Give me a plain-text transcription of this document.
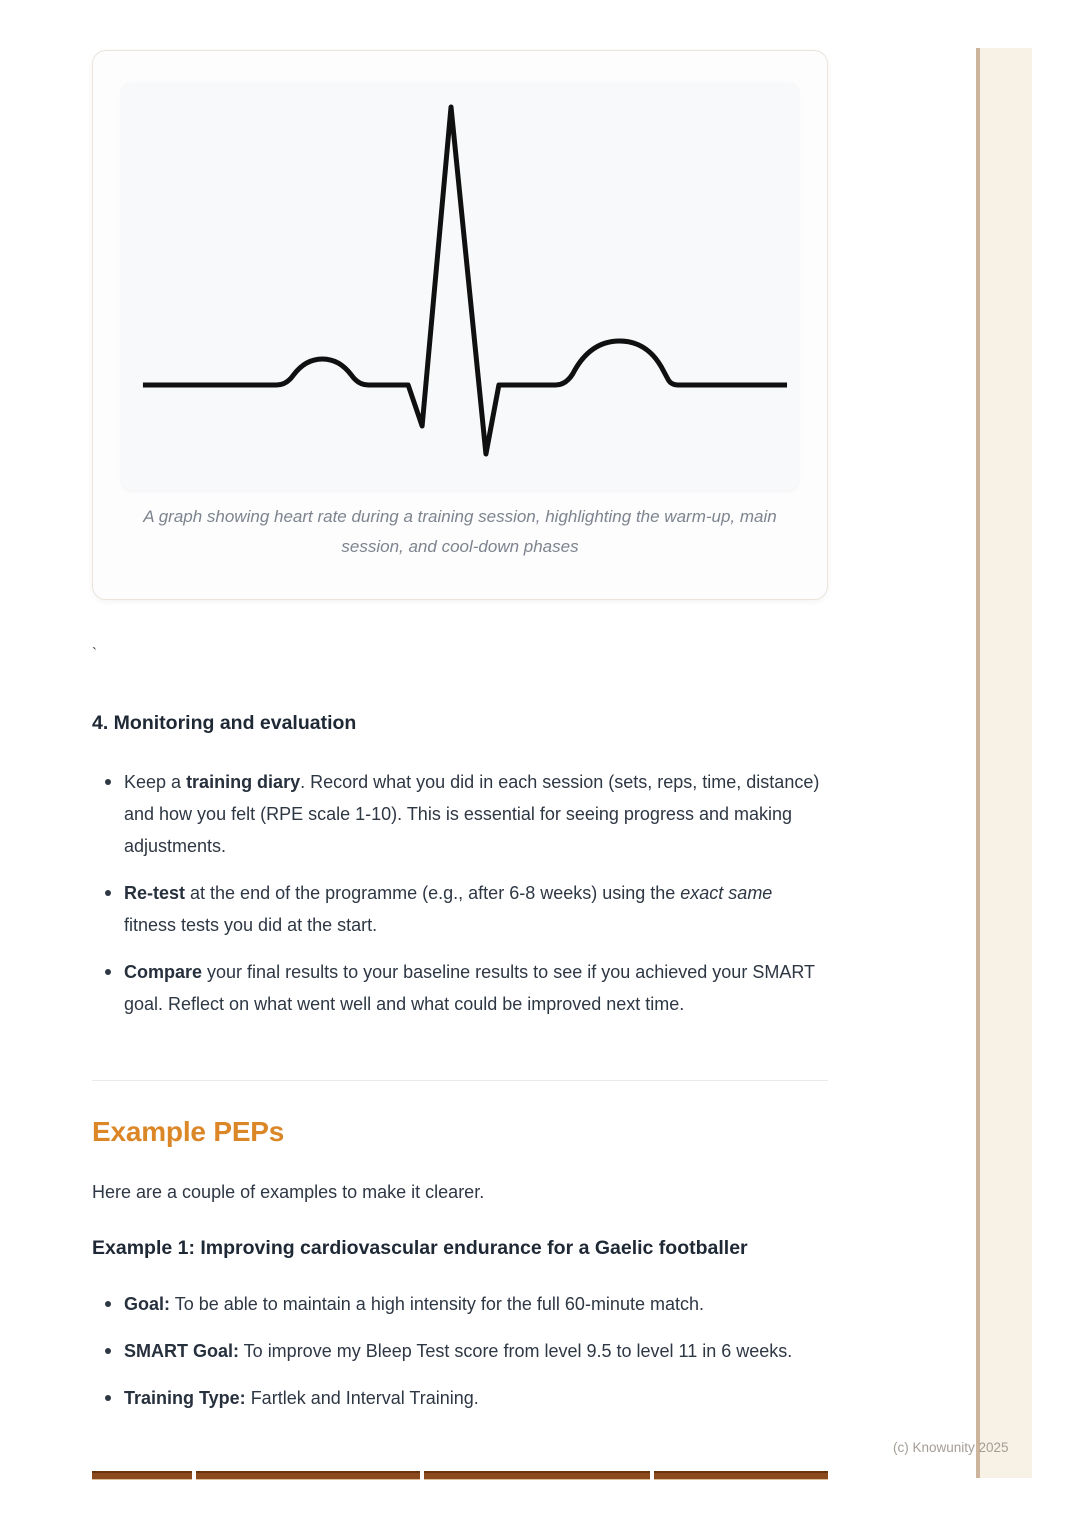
A graph showing heart rate during a training session, highlighting the warm-up, main session, and cool-down phases
`
4. Monitoring and evaluation
Keep a training diary. Record what you did in each session (sets, reps, time, distance) and how you felt (RPE scale 1-10). This is essential for seeing progress and making adjustments.
Re-test at the end of the programme (e.g., after 6-8 weeks) using the exact same fitness tests you did at the start.
Compare your final results to your baseline results to see if you achieved your SMART goal. Reflect on what went well and what could be improved next time.
Example PEPs

Here are a couple of examples to make it clearer.

Example 1: Improving cardiovascular endurance for a Gaelic footballer
Goal: To be able to maintain a high intensity for the full 60-minute match.
SMART Goal: To improve my Bleep Test score from level 9.5 to level 11 in 6 weeks.
Training Type: Fartlek and Interval Training.
(c) Knowunity 2025
